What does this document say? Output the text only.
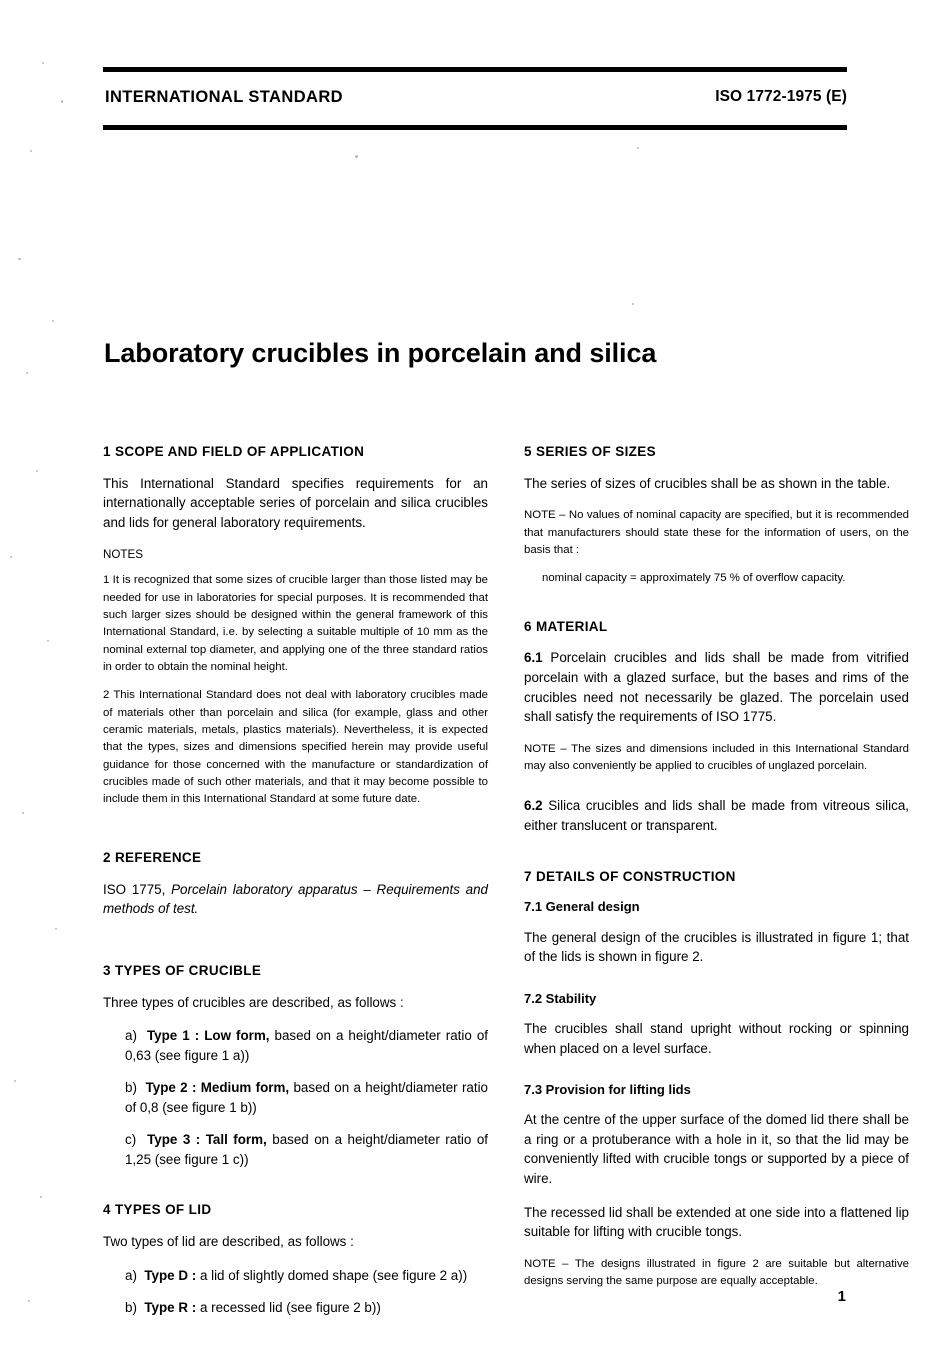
INTERNATIONAL STANDARD	ISO 1772-1975 (E)
Laboratory crucibles in porcelain and silica
1 SCOPE AND FIELD OF APPLICATION

This International Standard specifies requirements for an internationally acceptable series of porcelain and silica crucibles and lids for general laboratory requirements.

NOTES

1 It is recognized that some sizes of crucible larger than those listed may be needed for use in laboratories for special purposes. It is recommended that such larger sizes should be designed within the general framework of this International Standard, i.e. by selecting a suitable multiple of 10 mm as the nominal external top diameter, and applying one of the three standard ratios in order to obtain the nominal height.

2 This International Standard does not deal with laboratory crucibles made of materials other than porcelain and silica (for example, glass and other ceramic materials, metals, plastics materials). Nevertheless, it is expected that the types, sizes and dimensions specified herein may provide useful guidance for those concerned with the manufacture or standardization of crucibles made of such other materials, and that it may become possible to include them in this International Standard at some future date.

2 REFERENCE

ISO 1775, Porcelain laboratory apparatus – Requirements and methods of test.

3 TYPES OF CRUCIBLE

Three types of crucibles are described, as follows :

a) Type 1 : Low form, based on a height/diameter ratio of 0,63 (see figure 1 a))

b) Type 2 : Medium form, based on a height/diameter ratio of 0,8 (see figure 1 b))

c) Type 3 : Tall form, based on a height/diameter ratio of 1,25 (see figure 1 c))

4 TYPES OF LID

Two types of lid are described, as follows :

a) Type D : a lid of slightly domed shape (see figure 2 a))

b) Type R : a recessed lid (see figure 2 b))

5 SERIES OF SIZES

The series of sizes of crucibles shall be as shown in the table.

NOTE – No values of nominal capacity are specified, but it is recommended that manufacturers should state these for the information of users, on the basis that :

nominal capacity = approximately 75 % of overflow capacity.

6 MATERIAL

6.1 Porcelain crucibles and lids shall be made from vitrified porcelain with a glazed surface, but the bases and rims of the crucibles need not necessarily be glazed. The porcelain used shall satisfy the requirements of ISO 1775.

NOTE – The sizes and dimensions included in this International Standard may also conveniently be applied to crucibles of unglazed porcelain.

6.2 Silica crucibles and lids shall be made from vitreous silica, either translucent or transparent.

7 DETAILS OF CONSTRUCTION
7.1 General design

The general design of the crucibles is illustrated in figure 1; that of the lids is shown in figure 2.

7.2 Stability

The crucibles shall stand upright without rocking or spinning when placed on a level surface.

7.3 Provision for lifting lids

At the centre of the upper surface of the domed lid there shall be a ring or a protuberance with a hole in it, so that the lid may be conveniently lifted with crucible tongs or supported by a piece of wire.

The recessed lid shall be extended at one side into a flattened lip suitable for lifting with crucible tongs.

NOTE – The designs illustrated in figure 2 are suitable but alternative designs serving the same purpose are equally acceptable.

1
